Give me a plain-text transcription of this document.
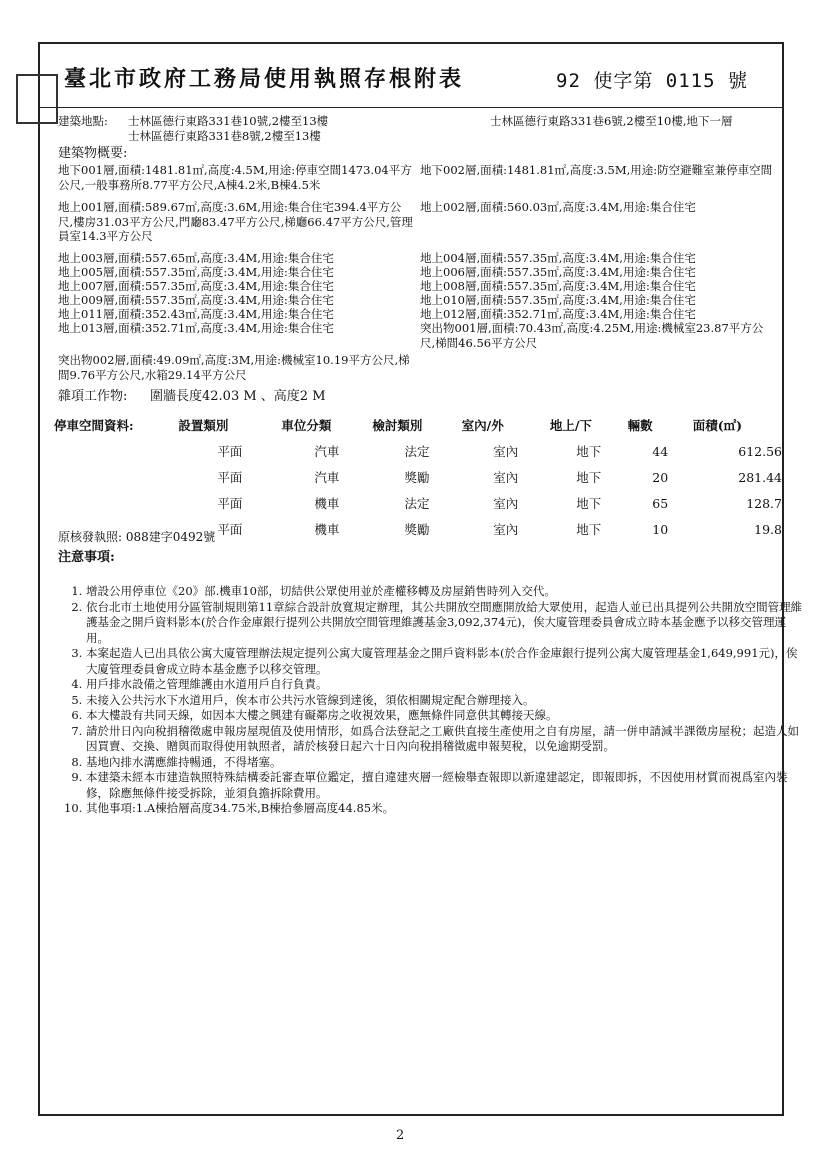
臺北市政府工務局使用執照存根附表	92 使字第 0115 號
建築地點: 士林區德行東路331巷10號,2樓至13樓
士林區德行東路331巷8號,2樓至13樓
士林區德行東路331巷6號,2樓至10樓,地下一層
建築物概要:
地下001層,面積:1481.81㎡,高度:4.5M,用途:停車空間1473.04平方公尺,一般事務所8.77平方公尺,A棟4.2米,B棟4.5米
地下002層,面積:1481.81㎡,高度:3.5M,用途:防空避難室兼停車空間
地上001層,面積:589.67㎡,高度:3.6M,用途:集合住宅394.4平方公尺,樓房31.03平方公尺,門廳83.47平方公尺,梯廳66.47平方公尺,管理員室14.3平方公尺
地上002層,面積:560.03㎡,高度:3.4M,用途:集合住宅
地上003層,面積:557.65㎡,高度:3.4M,用途:集合住宅	地上004層,面積:557.35㎡,高度:3.4M,用途:集合住宅
地上005層,面積:557.35㎡,高度:3.4M,用途:集合住宅	地上006層,面積:557.35㎡,高度:3.4M,用途:集合住宅
地上007層,面積:557.35㎡,高度:3.4M,用途:集合住宅	地上008層,面積:557.35㎡,高度:3.4M,用途:集合住宅
地上009層,面積:557.35㎡,高度:3.4M,用途:集合住宅	地上010層,面積:557.35㎡,高度:3.4M,用途:集合住宅
地上011層,面積:352.43㎡,高度:3.4M,用途:集合住宅	地上012層,面積:352.71㎡,高度:3.4M,用途:集合住宅
地上013層,面積:352.71㎡,高度:3.4M,用途:集合住宅	突出物001層,面積:70.43㎡,高度:4.25M,用途:機械室23.87平方公尺,梯間46.56平方公尺
突出物002層,面積:49.09㎡,高度:3M,用途:機械室10.19平方公尺,梯間9.76平方公尺,水箱29.14平方公尺
雜項工作物: 圍牆長度42.03 M 、高度2 M
停車空間資料:	設置類別	車位分類	檢討類別	室內/外	地上/下	輛數	面積(㎡)
	平面	汽車	法定	室內	地下	44	612.56
	平面	汽車	獎勵	室內	地下	20	281.44
	平面	機車	法定	室內	地下	65	128.7
	平面	機車	獎勵	室內	地下	10	19.8
原核發執照: 088建字0492號
注意事項:
1. 增設公用停車位《20》部.機車10部，切結供公眾使用並於產權移轉及房屋銷售時列入交代。
2. 依台北市土地使用分區管制規則第11章綜合設計放寬規定辦理，其公共開放空間應開放給大眾使用，起造人並已出具提列公共開放空間管理維護基金之開戶資料影本(於合作金庫銀行提列公共開放空間管理維護基金3,092,374元)，俟大廈管理委員會成立時本基金應予以移交管理運用。
3. 本案起造人已出具依公寓大廈管理辦法規定提列公寓大廈管理基金之開戶資料影本(於合作金庫銀行提列公寓大廈管理基金1,649,991元)，俟大廈管理委員會成立時本基金應予以移交管理。
4. 用戶排水設備之管理維護由水道用戶自行負責。
5. 未接入公共污水下水道用戶，俟本市公共污水管線到達後，須依相關規定配合辦理接入。
6. 本大樓設有共同天線，如因本大樓之興建有礙鄰房之收視效果，應無條件同意供其轉接天線。
7. 請於卅日內向稅捐稽徵處申報房屋現值及使用情形，如爲合法登記之工廠供直接生產使用之自有房屋，請一併申請減半課徵房屋稅；起造人如因買賣、交換、贈與而取得使用執照者，請於核發日起六十日內向稅捐稽徵處申報契稅，以免逾期受罰。
8. 基地內排水溝應維持暢通，不得堵塞。
9. 本建築未經本市建造執照特殊結構委託審查單位鑑定，擅自違建夾層一經檢舉查報即以新違建認定，即報即拆，不因使用材質而視爲室內裝修，除應無條件接受拆除，並須負擔拆除費用。
10. 其他事項:1.A棟拾層高度34.75米,B棟拾參層高度44.85米。
2
